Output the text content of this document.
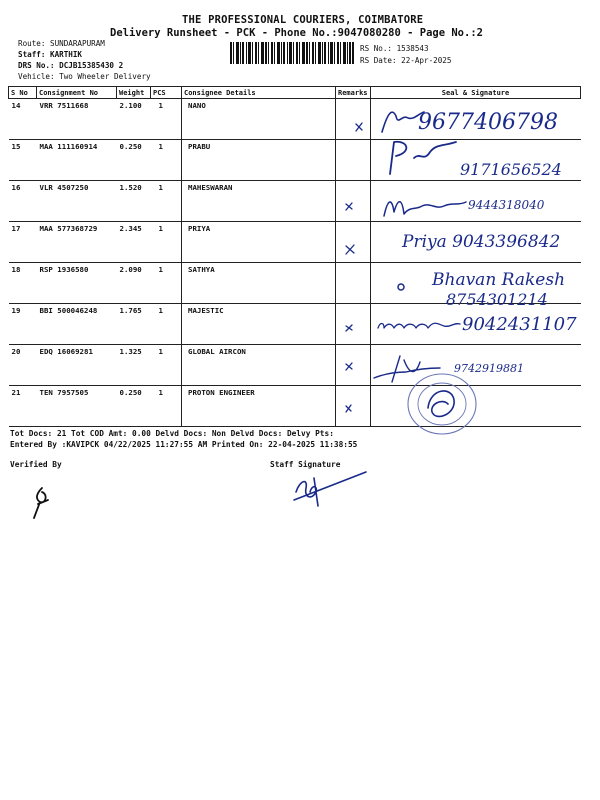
THE PROFESSIONAL COURIERS, COIMBATORE
Delivery Runsheet - PCK - Phone No.:9047080280 - Page No.:2
Route: SUNDARAPURAM
Staff: KARTHIK
DRS No.: DCJB15385430 2
Vehicle: Two Wheeler Delivery
RS No.: 1538543
RS Date: 22-Apr-2025
S No	Consignment No	Weight	PCS	Consignee Details	Remarks	Seal & Signature
14	VRR 7511668	2.100	1	NANO		
15	MAA 111160914	0.250	1	PRABU		
16	VLR 4507250	1.520	1	MAHESWARAN		
17	MAA 577368729	2.345	1	PRIYA		
18	RSP 1936580	2.090	1	SATHYA		
19	BBI 500046248	1.765	1	MAJESTIC		
20	EDQ 16069281	1.325	1	GLOBAL AIRCON		
21	TEN 7957505	0.250	1	PROTON ENGINEER		
9677406798
9171656524
9444318040
Priya 9043396842
Bhavan Rakesh
8754301214
9042431107
9742919881
Tot Docs: 21 Tot COD Amt: 0.00 Delvd Docs: Non Delvd Docs: Delvy Pts:
Entered By :KAVIPCK 04/22/2025 11:27:55 AM Printed On: 22-04-2025 11:38:55
Verified By	Staff Signature
